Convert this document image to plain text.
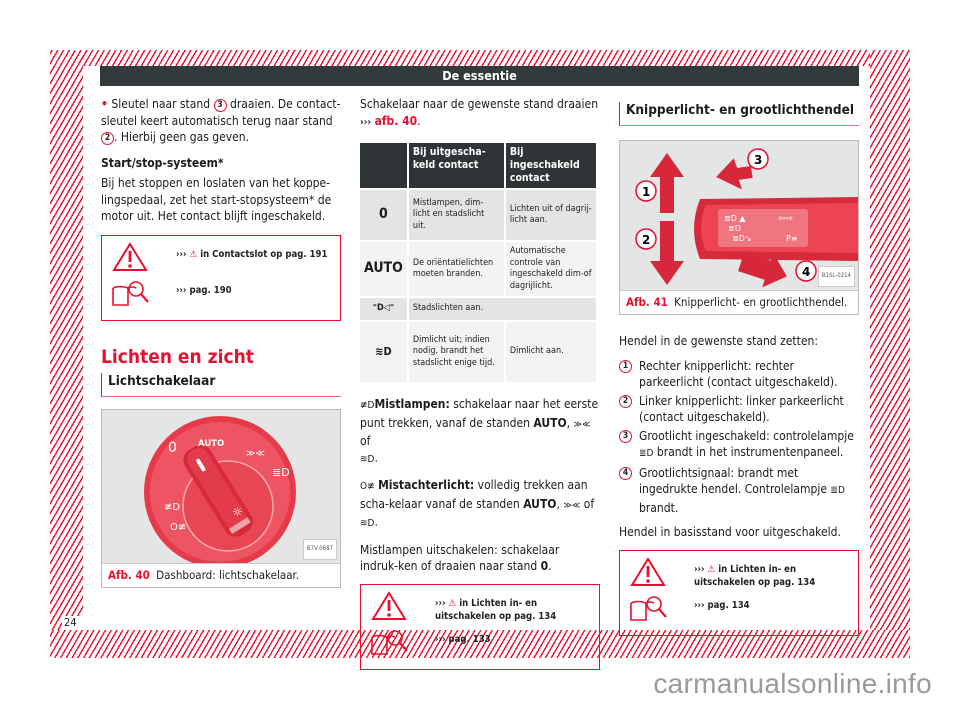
24
De essentie

• Sleutel naar stand 3 draaien. De contact-sleutel keert automatisch terug naar stand 2 . Hierbij geen gas geven.

Start/stop-systeem*

Bij het stoppen en loslaten van het koppe-lingspedaal, zet het start-stopsysteem* de motor uit. Het contact blijft ingeschakeld.

››› ⚠ in Contactslot op pag. 191
››› pag. 190
Lichten en zicht
Lichtschakelaar
0 AUTO
≫≪
≣D
≢D
O≢
☼
B7V-0687
Afb. 40 Dashboard: lichtschakelaar.

Schakelaar naar de gewenste stand draaien
››› afb. 40.

	Bij uitgescha-keld contact	Bij ingeschakeld contact
0	Mistlampen, dim-licht en stadslicht uit.	Lichten uit of dagrij-licht aan.
AUTO	De oriëntatielichten moeten branden.	Automatische controle van ingeschakeld dim-of dagrijlicht.
⁼D◁⁼	Stadslichten aan.	
≋D	Dimlicht uit; indien nodig, brandt het stadslicht enige tijd.	Dimlicht aan.

≢DMistlampen: schakelaar naar het eerste punt trekken, vanaf de standen AUTO, ≫≪ of
≋D.

O≢ Mistachterlicht: volledig trekken aan scha-kelaar vanaf de standen AUTO, ≫≪ of ≋D.

Mistlampen uitschakelen: schakelaar indruk-ken of draaien naar stand 0.

››› ⚠ in Lichten in- en uitschakelen op pag. 134
››› pag. 133
Knipperlicht- en grootlichthendel
≣D ▲
≣D
≣D↘
⇦⇨
P≡
1
2
3
4	B1SL-0214
Afb. 41 Knipperlicht- en grootlichthendel.

Hendel in de gewenste stand zetten:

1 Rechter knipperlicht: rechter parkeerlicht (contact uitgeschakeld).
2 Linker knipperlicht: linker parkeerlicht (contact uitgeschakeld).
3 Grootlicht ingeschakeld: controlelampje ≣D brandt in het instrumentenpaneel.
4 Grootlichtsignaal: brandt met ingedrukte hendel. Controlelampje ≣D brandt.

Hendel in basisstand voor uitgeschakeld.

››› ⚠ in Lichten in- en uitschakelen op pag. 134
››› pag. 134
carmanualsonline.info
